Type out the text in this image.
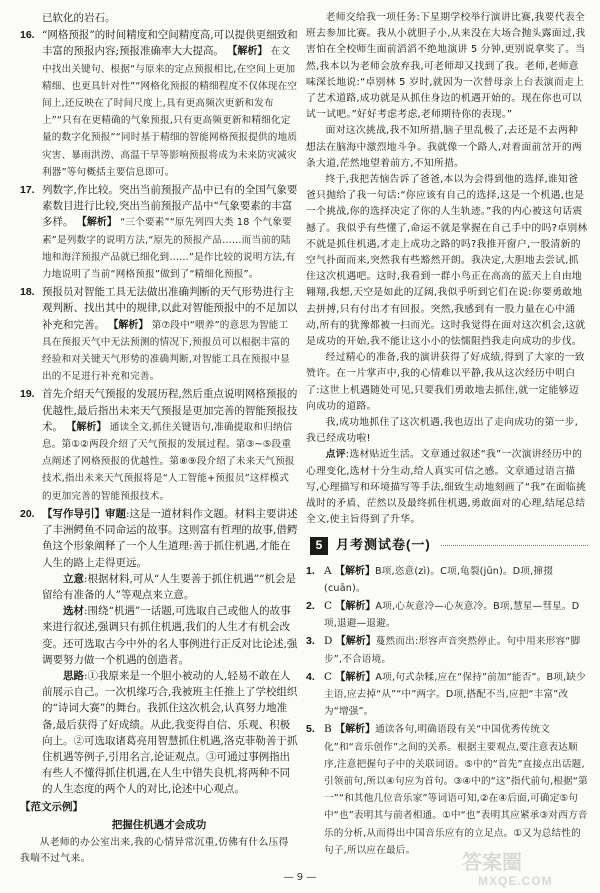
已软化的岩石。

16. “网格预报”的时间精度和空间精度高,可以提供更细致和丰富的预报内容;预报准确率大大提高。 【 解析 】 在文中找出关键句、根据“与原来的定点预报相比,在空间上更加精细、也更具针对性”“网格化预报的精细程度不仅体现在空间上,还反映在了时间尺度上,具有更高频次更新和发布上”“只有在更精确的气象预报,只有更高频更新和精细化定量的数字化预报”“同时基于精细的智能网格预报提供的地质灾害、暴雨洪涝、高温干旱等影响预报将成为未来防灾减灾利器”等句概括主要信息即可。
17. 列数字,作比较。突出当前预报产品中已有的全国气象要素数目进行比较,突出当前预报产品中“气象要素的丰富多样。 【 解析 】 “三个要素”“原先列四大类 18 个气象要素”是列数字的说明方法,“原先的预报产品……而当前的陆地和海洋预报产品就已细化到……”是作比较的说明方法,有力地说明了当前“网格预报”做到了“精细化预报”。
18. 预报员对智能工具无法做出准确判断的天气形势进行主观判断、找出其中的规律,以此对智能预报中的不足加以补充和完善。 【 解析 】 第⑦段中“喂养”的意思为智能工具在预报天气中无法预测的情况下,预报员可以根据丰富的经验和对关键天气形势的准确判断,对智能工具在预报中显出的不足进行补充和完善。
19. 首先介绍天气预报的发展历程,然后重点说明网格预报的优越性,最后指出未来天气预报是更加完善的智能预报技术。 【 解析 】 通读全文,抓住关键语句,准确提取和归纳信息。第①②两段介绍了天气预报的发展过程。第③~⑤段重点阐述了网格预报的优越性。第⑧⑨段介绍了未来天气预报技术,指出未来天气预报将是“人工智能+预报员”这样模式的更加完善的智能预报技术。
20. 【写作导引】审题:这是一道材料作文题。材料主要讲述了丰洲鳄鱼不同命运的故事。这则富有哲理的故事,借鳄鱼这个形象阐释了一个人生道理:善于抓住机遇,才能在人生的路上走得更远。

立意:根据材料,可从“人生要善于抓住机遇”“机会是留给有准备的人”等观点来立意。

选材:围绕“机遇”一话题,可选取自己或他人的故事来进行叙述,强调只有抓住机遇,我们的人生才有机会改变。还可选取古今中外的名人事例进行正反对比论述,强调要努力做一个机遇的创造者。

思路:①我原来是一个胆小被动的人,轻易不敢在人前展示自己。一次机缘巧合,我被班主任推上了学校组织的“诗词大赛”的舞台。我抓住这次机会,认真努力地准备,最后获得了好成绩。从此,我变得自信、乐观、积极向上。②可选取诸葛亮用智慧抓住机遇,洛克菲勒善于抓住机遇等例子,引用名言,论证观点。③可通过事例指出有些人不懂得抓住机遇,在人生中错失良机,将两种不同的人生态度的两个人的对比,论述中心观点。

【范文示例】

把握住机遇才会成功

从老师的办公室出来,我的心情异常沉重,仿佛有什么压得我喘不过气来。

老师交给我一项任务:下星期学校举行演讲比赛,我要代表全班去参加比赛。我从小就胆子小,从来没在大场合抛头露面过,我害怕在全校师生面前滔滔不绝地演讲 5 分钟,更别说拿奖了。当然,我本以为老师会放弃我,可老师却又找到了我。老师,老师意味深长地说:“卓别林 5 岁时,就因为一次替母亲上台表演而走上了艺术道路,成功就是从抓住身边的机遇开始的。现在你也可以试一试吧。”好好考虑考虑,老师期待你的表现。”

面对这次挑战,我不知所措,脑子里乱极了,去还是不去两种想法在脑海中激烈地斗争。我就像一个路人,对着面前岔开的两条大道,茫然地望着前方,不知所措。

终于,我把苦恼告诉了爸爸,本以为会得到他的选择,谁知爸爸只抛给了我一句话:“你应该有自己的选择,这是一个机遇,也是一个挑战,你的选择决定了你的人生轨迹。”我的内心被这句话震撼了。我似乎有些懂了,命运不就是掌握在自己手中的吗?卓别林不就是抓住机遇,才走上成功之路的吗?我推开窗户,一股清新的空气扑面而来,突然我有些豁然开朗。我决定,大胆地去尝试,抓住这次机遇吧。这时,我看到一群小鸟正在高高的蓝天上自由地翱翔,我想,天空是如此的辽阔,我似乎听到它们在说:你要勇敢地去拼搏,只有付出才有回报。突然,我感到有一股力量在心中涌动,所有的犹豫都被一扫而光。这时我觉得在面对这次机会,这就是成功的开始,我不能让这小小的怯懦阻挡我走向成功的步伐。

经过精心的准备,我的演讲获得了好成绩,得到了大家的一致赞许。在一片掌声中,我的心情难以平静,我从这次经历中明白了:这世上机遇随处可见,只要我们勇敢地去抓住,就一定能够迈向成功的道路。

我,成功地抓住了这次机遇,我也迈出了走向成功的第一步,我已经成功啦!

点评:选材贴近生活。文章通过叙述“我”一次演讲经历中的心理变化,选材十分生动,给人真实可信之感。文章通过语言描写,心理描写和环境描写等手法,细致生动地刻画了“我”在面临挑战时的矛盾、茫然以及最终抓住机遇,勇敢面对的心理,结尾总结全文,使主旨得到了升华。

5	月考测试卷(一)
1. A 【 解析 】 B项,恣意(zì)。C项,龟裂(jūn)。D项,撺掇(cuān)。
2. C 【 解析 】 A项,心灰意冷—心灰意冷。B项,慧星—彗星。D项,退避—退避。
3. D 【 解析 】 蔓然而出:形容声音突然停止。句中用来形容“脚步”,不合语境。
4. C 【 解析 】 A项,句式杂糅,应在“保持”前加“能否”。B项,缺少主语,应去掉“从”“中”两字。D项,搭配不当,应把“丰富”改为“增强”。
5. B 【 解析 】 通读各句,明确语段有关“中国优秀传统文化”和“音乐创作”之间的关系。根据主要观点,要注意表达顺序,注意把握句子中的关联词语。⑤中的“首先”直接点出话题,引领前句,所以④句应为首句。③④中的“这”指代前句,根据“第一”“和其他几位音乐家”等词语可知,②在④后面,可确定⑤句中“也”表明其与前者相通。①中“也”表明其应紧承③对西方音乐的分析,从而得出中国音乐应有的立足点。①又为总结性的句子,所以应在最后。
— 9 —
答案圈
MXQE.COM
